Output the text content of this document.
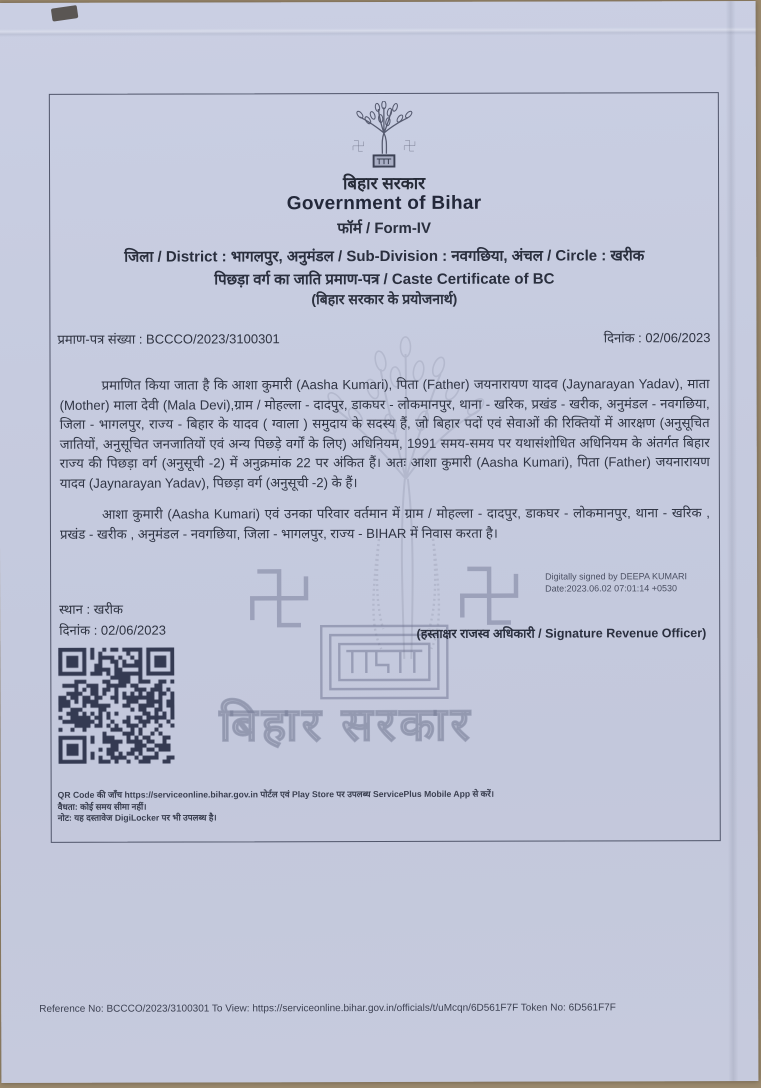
बिहार सरकार
बिहार सरकार
Government of Bihar
फॉर्म / Form-IV
जिला / District : भागलपुर, अनुमंडल / Sub-Division : नवगछिया, अंचल / Circle : खरीक
पिछड़ा वर्ग का जाति प्रमाण-पत्र / Caste Certificate of BC
(बिहार सरकार के प्रयोजनार्थ)
प्रमाण-पत्र संख्या : BCCCO/2023/3100301	दिनांक : 02/06/2023
प्रमाणित किया जाता है कि आशा कुमारी (Aasha Kumari), पिता (Father) जयनारायण यादव (Jaynarayan Yadav), माता (Mother) माला देवी (Mala Devi),ग्राम / मोहल्ला - दादपुर, डाकघर - लोकमानपुर, थाना - खरिक, प्रखंड - खरीक, अनुमंडल - नवगछिया, जिला - भागलपुर, राज्य - बिहार के यादव ( ग्वाला ) समुदाय के सदस्य हैं, जो बिहार पदों एवं सेवाओं की रिक्तियों में आरक्षण (अनुसूचित जातियों, अनुसूचित जनजातियों एवं अन्य पिछड़े वर्गों के लिए) अधिनियम, 1991 समय-समय पर यथासंशोधित अधिनियम के अंतर्गत बिहार राज्य की पिछड़ा वर्ग (अनुसूची -2) में अनुक्रमांक 22 पर अंकित हैं। अतः आशा कुमारी (Aasha Kumari), पिता (Father) जयनारायण यादव (Jaynarayan Yadav), पिछड़ा वर्ग (अनुसूची -2) के हैं।
आशा कुमारी (Aasha Kumari) एवं उनका परिवार वर्तमान में ग्राम / मोहल्ला - दादपुर, डाकघर - लोकमानपुर, थाना - खरिक , प्रखंड - खरीक , अनुमंडल - नवगछिया, जिला - भागलपुर, राज्य - BIHAR में निवास करता है।
Digitally signed by DEEPA KUMARI
Date:2023.06.02 07:01:14 +0530
स्थान : खरीक
दिनांक : 02/06/2023	(हस्ताक्षर राजस्व अधिकारी / Signature Revenue Officer)
QR Code की जाँच https://serviceonline.bihar.gov.in पोर्टल एवं Play Store पर उपलब्ध ServicePlus Mobile App से करें।
वैधता: कोई समय सीमा नहीं।
नोट: यह दस्तावेज DigiLocker पर भी उपलब्ध है।
Reference No: BCCCO/2023/3100301 To View: https://serviceonline.bihar.gov.in/officials/t/uMcqn/6D561F7F Token No: 6D561F7F
